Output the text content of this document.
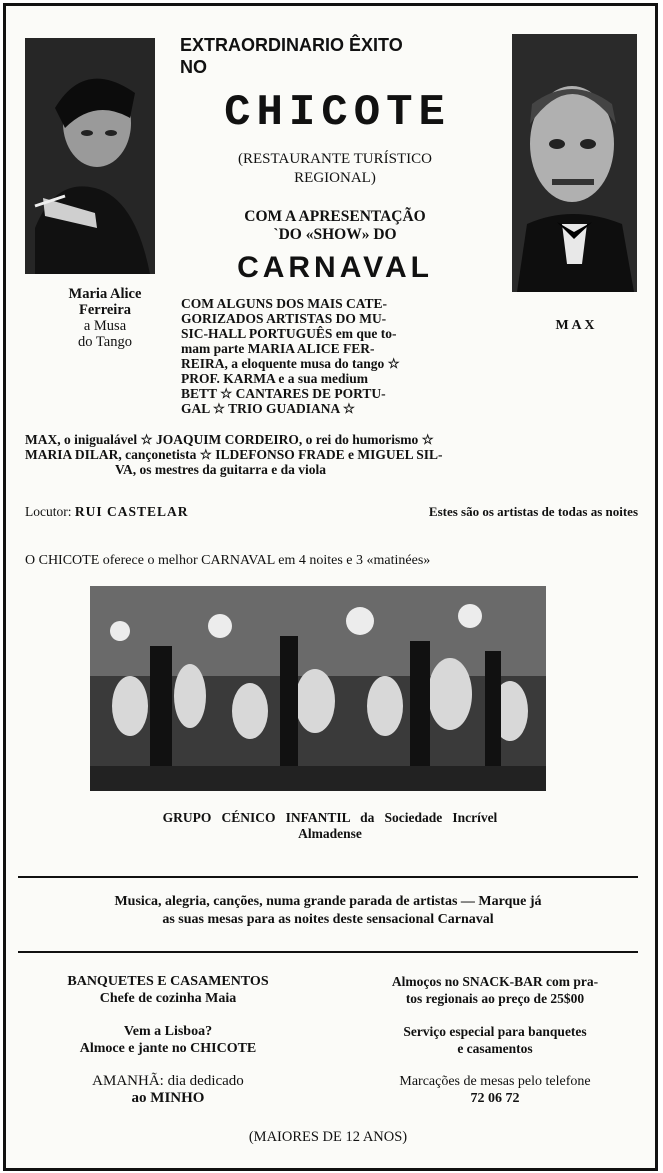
Maria Alice
Ferreira
a Musa
do Tango
M A X
EXTRAORDINARIO ÊXITO
NO
CHICOTE
(RESTAURANTE TURÍSTICO
REGIONAL)
COM A APRESENTAÇÃO
`DO «SHOW» DO
CARNAVAL
COM ALGUNS DOS MAIS CATE-
GORIZADOS ARTISTAS DO MU-
SIC-HALL PORTUGUÊS em que to-
mam parte MARIA ALICE FER-
REIRA, a eloquente musa do tango ☆
PROF. KARMA e a sua medium
BETT ☆ CANTARES DE PORTU-
GAL ☆ TRIO GUADIANA ☆
MAX, o inigualável ☆ JOAQUIM CORDEIRO, o rei do humorismo ☆
MARIA DILAR, cançonetista ☆ ILDEFONSO FRADE e MIGUEL SIL-
VA, os mestres da guitarra e da viola
Locutor: RUI CASTELAR	Estes são os artistas de todas as noites
O CHICOTE oferece o melhor CARNAVAL em 4 noites e 3 «matinées»
GRUPO   CÉNICO   INFANTIL   da   Sociedade   Incrível
Almadense
Musica, alegria, canções, numa grande parada de artistas — Marque já
as suas mesas para as noites deste sensacional Carnaval
BANQUETES E CASAMENTOS
Chefe de cozinha Maia
Vem a Lisboa?
Almoce e jante no CHICOTE
AMANHÃ: dia dedicado
ao MINHO
Almoços no SNACK-BAR com pra-
tos regionais ao preço de 25$00
Serviço especial para banquetes
e casamentos
Marcações de mesas pelo telefone
72 06 72
(MAIORES DE 12 ANOS)
